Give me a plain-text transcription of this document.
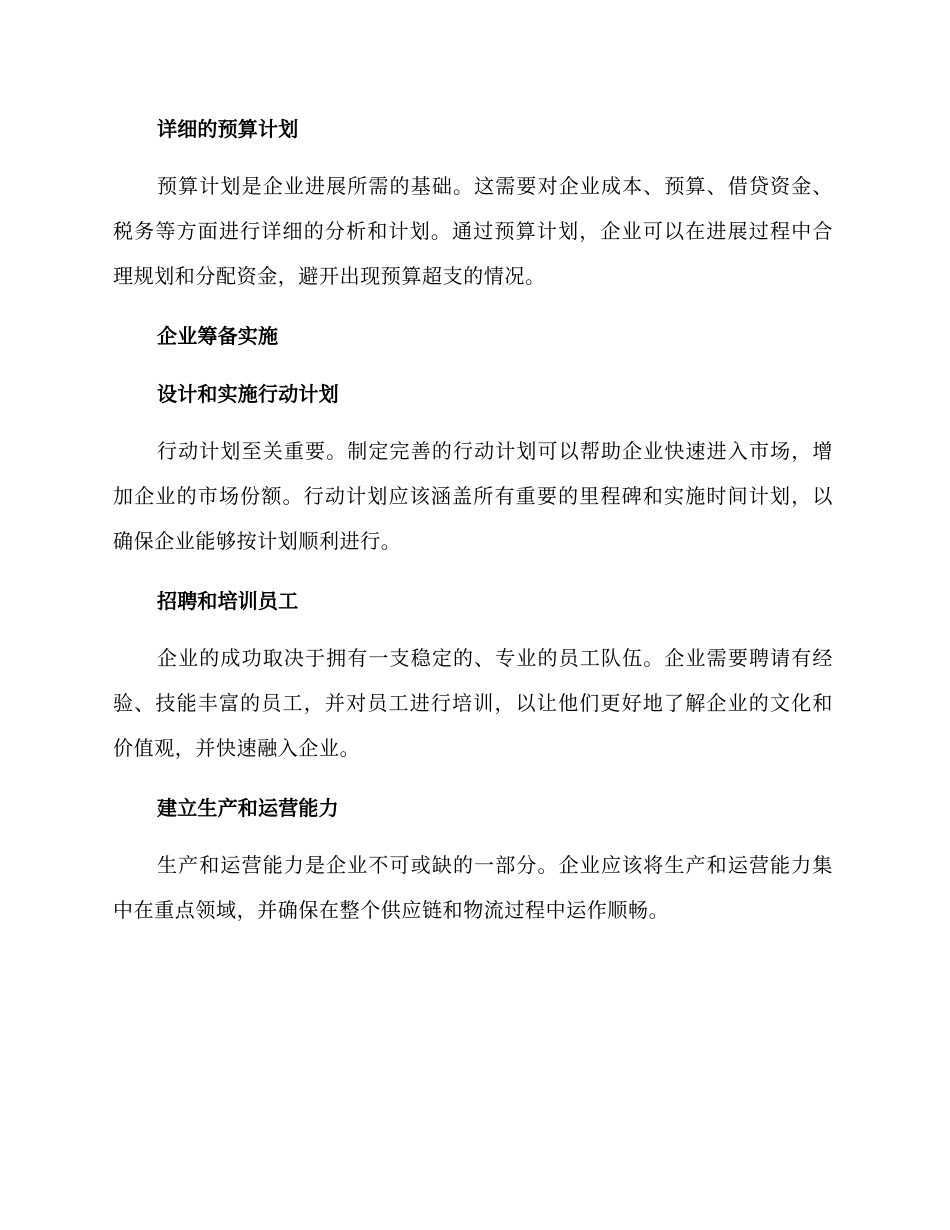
详细的预算计划

预算计划是企业进展所需的基础。这需要对企业成本、预算、借贷资金、税务等方面进行详细的分析和计划。通过预算计划，企业可以在进展过程中合理规划和分配资金，避开出现预算超支的情况。

企业筹备实施
设计和实施行动计划

行动计划至关重要。制定完善的行动计划可以帮助企业快速进入市场，增加企业的市场份额。行动计划应该涵盖所有重要的里程碑和实施时间计划，以确保企业能够按计划顺利进行。

招聘和培训员工

企业的成功取决于拥有一支稳定的、专业的员工队伍。企业需要聘请有经验、技能丰富的员工，并对员工进行培训，以让他们更好地了解企业的文化和价值观，并快速融入企业。

建立生产和运营能力

生产和运营能力是企业不可或缺的一部分。企业应该将生产和运营能力集中在重点领域，并确保在整个供应链和物流过程中运作顺畅。
